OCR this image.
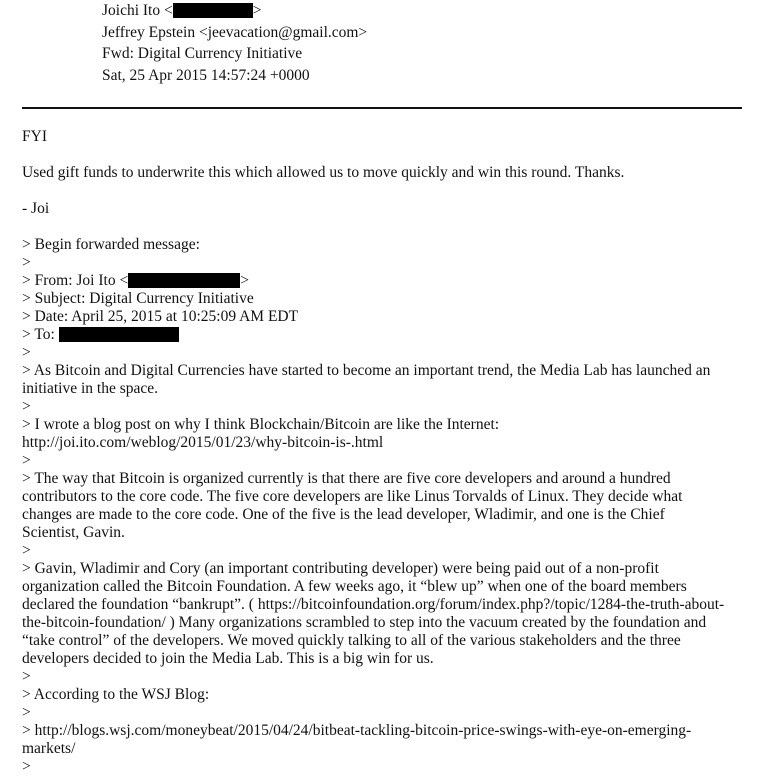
Joichi Ito <	>
Jeffrey Epstein <jeevacation@gmail.com>
Fwd: Digital Currency Initiative
Sat, 25 Apr 2015 14:57:24 +0000
FYI
Used gift funds to underwrite this which allowed us to move quickly and win this round. Thanks.
- Joi
> Begin forwarded message:
>
> From: Joi Ito <	>
> Subject: Digital Currency Initiative
> Date: April 25, 2015 at 10:25:09 AM EDT
> To:
>
> As Bitcoin and Digital Currencies have started to become an important trend, the Media Lab has launched an
initiative in the space.
>
> I wrote a blog post on why I think Blockchain/Bitcoin are like the Internet:
http://joi.ito.com/weblog/2015/01/23/why-bitcoin-is-.html
>
> The way that Bitcoin is organized currently is that there are five core developers and around a hundred
contributors to the core code. The five core developers are like Linus Torvalds of Linux. They decide what
changes are made to the core code. One of the five is the lead developer, Wladimir, and one is the Chief
Scientist, Gavin.
>
> Gavin, Wladimir and Cory (an important contributing developer) were being paid out of a non-profit
organization called the Bitcoin Foundation. A few weeks ago, it “blew up” when one of the board members
declared the foundation “bankrupt”. ( https://bitcoinfoundation.org/forum/index.php?/topic/1284-the-truth-about-
the-bitcoin-foundation/ ) Many organizations scrambled to step into the vacuum created by the foundation and
“take control” of the developers. We moved quickly talking to all of the various stakeholders and the three
developers decided to join the Media Lab. This is a big win for us.
>
> According to the WSJ Blog:
>
> http://blogs.wsj.com/moneybeat/2015/04/24/bitbeat-tackling-bitcoin-price-swings-with-eye-on-emerging-
markets/
>
